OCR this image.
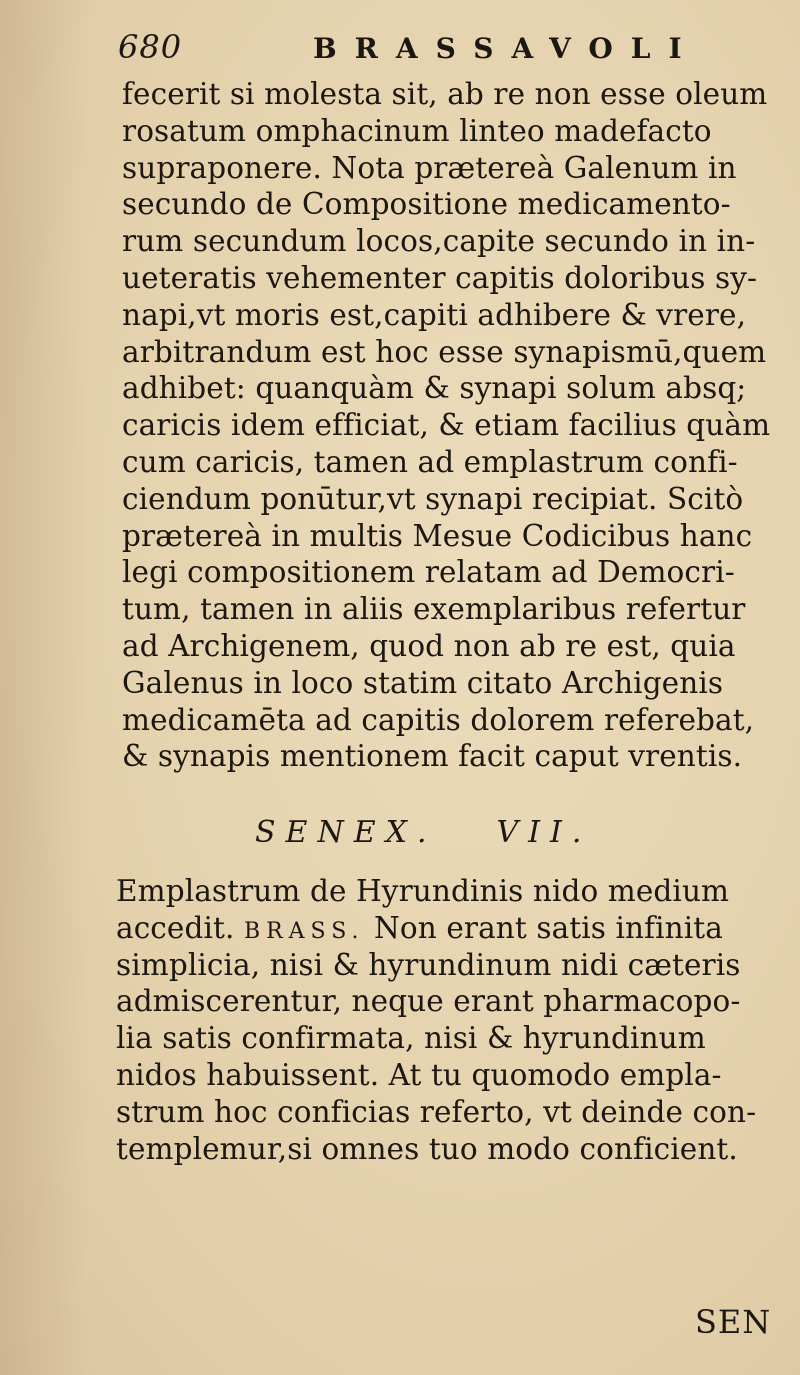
680	BRASSAVOLI
fecerit si molesta sit, ab re non esse oleum
rosatum omphacinum linteo madefacto
supraponere. Nota prætereà Galenum in
secundo de Compositione medicamento-
rum secundum locos,capite secundo in in-
ueteratis vehementer capitis doloribus sy-
napi,vt moris est,capiti adhibere & vrere,
arbitrandum est hoc esse synapismū,quem
adhibet: quanquàm & synapi solum absq;
caricis idem efficiat, & etiam facilius quàm
cum caricis, tamen ad emplastrum confi-
ciendum ponūtur,vt synapi recipiat. Scitò
prætereà in multis Mesue Codicibus hanc
legi compositionem relatam ad Democri-
tum, tamen in aliis exemplaribus refertur
ad Archigenem, quod non ab re est, quia
Galenus in loco statim citato Archigenis
medicamēta ad capitis dolorem referebat,
& synapis mentionem facit caput vrentis.
SENEX. VII.
Emplastrum de Hyrundinis nido medium
accedit. BRASS. Non erant satis infinita
simplicia, nisi & hyrundinum nidi cæteris
admiscerentur, neque erant pharmacopo-
lia satis confirmata, nisi & hyrundinum
nidos habuissent. At tu quomodo empla-
strum hoc conficias referto, vt deinde con-
templemur,si omnes tuo modo conficient.
SEN
